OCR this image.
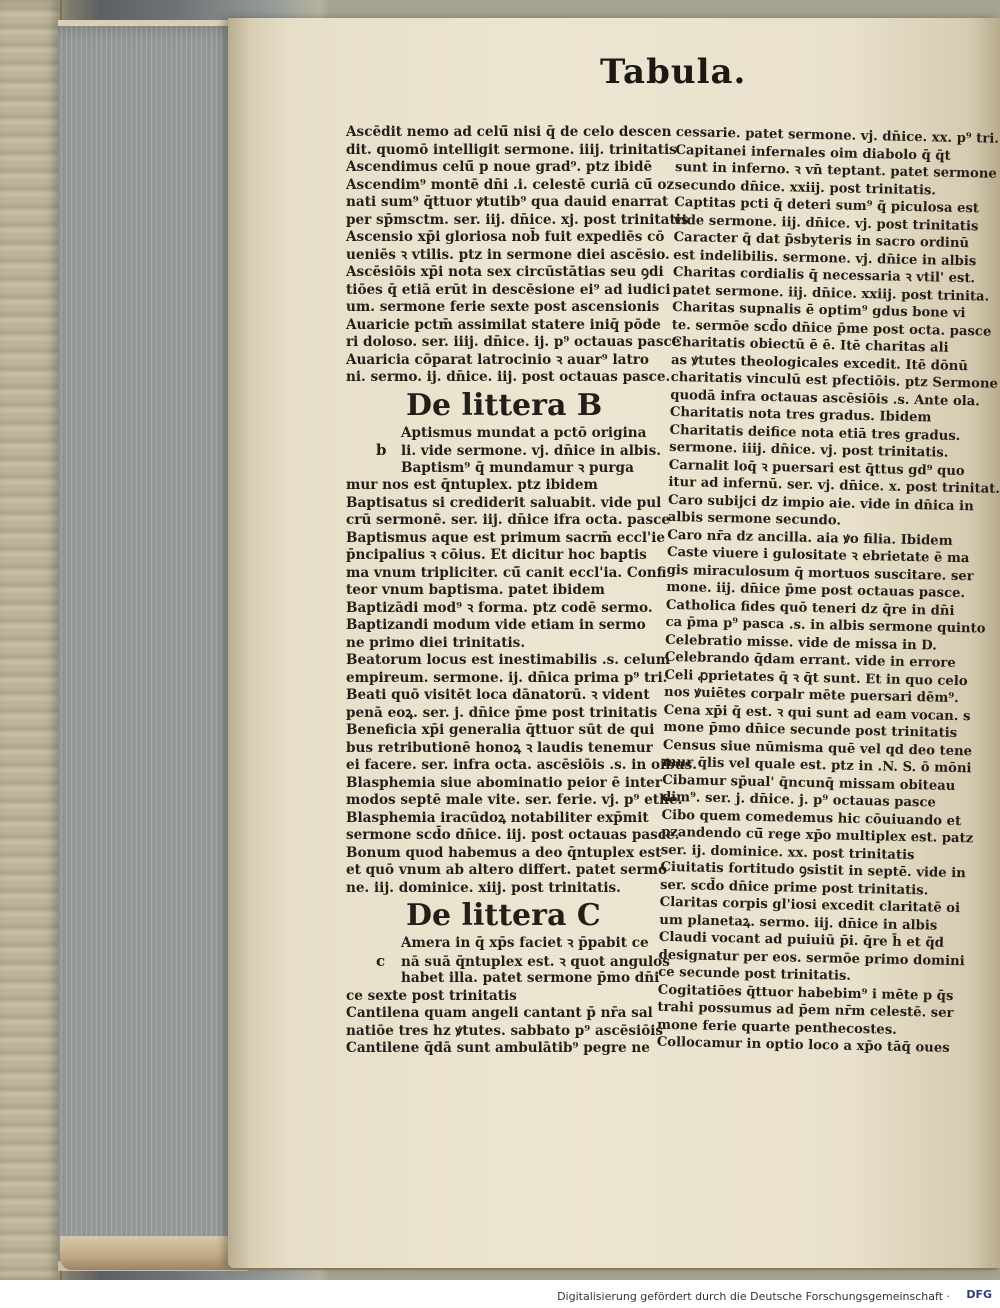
Tabula.
Ascēdit nemo ad celū̄ nisi q̄ de celo descen
dit. quomō intelligit sermone. iiij. trinitatis
Ascendimus celū̄ p noue grad⁹. ptz ibidē
Ascendim⁹ montē dn̄i .i. celestē curiā cū̄ oz
nati sum⁹ q̄ttuor ꝟtutib⁹ qua dauid enarrat
per sp̄msctm. ser. iij. dn̄ice. xj. post trinitatis
Ascensio xp̄i gloriosa nob̄ fuit expediēs cō
ueniēs ꝛ vtilis. ptz in sermone diei ascēsio.
Ascēsiōis xp̄i nota sex circūstātias seu ꝯdi
tiōes q̄ etiā erūt in descēsione ei⁹ ad iudici
um. sermone ferie sexte post ascensionis
Auaricie pctm̄ assimilat statere iniq̄ pōde
ri doloso. ser. iiij. dn̄ice. ij. p⁹ octauas pasce
Auaricia cōparat latrocinio ꝛ auar⁹ latro
ni. sermo. ij. dn̄ice. iij. post octauas pasce.
De littera B
Aptismus mundat a pctō origina
b li. vide sermone. vj. dn̄ice in albis.
Baptism⁹ q̄ mundamur ꝛ purga
mur nos est q̄ntuplex. ptz ibidem
Baptisatus si crediderit saluabit. vide pul
crū sermonē. ser. iij. dn̄ice ifra octa. pasce
Baptismus aque est primum sacrm̄ eccl'ie
p̄ncipalius ꝛ cōius. Et dicitur hoc baptis
ma vnum tripliciter. cū̄ canit eccl'ia. Confi
teor vnum baptisma. patet ibidem
Baptizādi mod⁹ ꝛ forma. ptz codē sermo.
Baptizandi modum vide etiam in sermo
ne primo diei trinitatis.
Beatorum locus est inestimabilis .s. celum
empireum. sermone. ij. dn̄ica prima p⁹ tri.
Beati quō visitēt loca dānatorū. ꝛ vident
penā eoꝝ. ser. j. dn̄ice p̄me post trinitatis
Beneficia xp̄i generalia q̄ttuor sūt de qui
bus retributionē honoꝝ ꝛ laudis tenemur
ei facere. ser. infra octa. ascēsiōis .s. in oibus.
Blasphemia siue abominatio peior ē inter
modos septē male vite. ser. ferie. vj. p⁹ ethe.
Blasphemia iracūdoꝝ notabiliter exp̄mit
sermone scd̄o dn̄ice. iij. post octauas pasce.
Bonum quod habemus a deo q̄ntuplex est
et quō vnum ab altero differt. patet sermo
ne. iij. dominice. xiij. post trinitatis.
De littera C
Amera in q̄ xp̄s faciet ꝛ p̄pabit ce
c nā suā q̄ntuplex est. ꝛ quot angulos
habet illa. patet sermone p̄mo dn̄i
ce sexte post trinitatis
Cantilena quam angeli cantant p̄ nr̄a sal
natiōe tres hz ꝟtutes. sabbato p⁹ ascēsiōis
Cantilene q̄dā sunt ambulātib⁹ pegre ne
cessarie. patet sermone. vj. dn̄ice. xx. p⁹ tri.
Capitanei infernales oim diabolo q̄ q̄t
sunt in inferno. ꝛ vn̄ teptant. patet sermone
secundo dn̄ice. xxiij. post trinitatis.
Captitas pcti q̄ deteri sum⁹ q̄ piculosa est
vide sermone. iij. dn̄ice. vj. post trinitatis
Caracter q̄ dat p̄sbyteris in sacro ordinū
est indelibilis. sermone. vj. dn̄ice in albis
Charitas cordialis q̄ necessaria ꝛ vtil' est.
patet sermone. iij. dn̄ice. xxiij. post trinita.
Charitas supnalis ē optim⁹ gdus bone vi
te. sermōe scd̄o dn̄ice p̄me post octa. pasce
Charitatis obiectū ē ē. Itē charitas ali
as ꝟtutes theologicales excedit. Itē dōnū
charitatis vinculū est pfectiōis. ptz Sermone
quodā infra octauas ascēsiōis .s. Ante ola.
Charitatis nota tres gradus. Ibidem
Charitatis deifice nota etiā tres gradus.
sermone. iiij. dn̄ice. vj. post trinitatis.
Carnalit loq̄ ꝛ puersari est q̄ttus gd⁹ quo
itur ad infernū. ser. vj. dn̄ice. x. post trinitat.
Caro subijci dz impio aie. vide in dn̄ica in
albis sermone secundo.
Caro nr̄a dz ancilla. aia ꝟo filia. Ibidem
Caste viuere i gulositate ꝛ ebrietate ē ma
gis miraculosum q̄ mortuos suscitare. ser
mone. iij. dn̄ice p̄me post octauas pasce.
Catholica fides quō teneri dz q̄re in dn̄i
ca p̄ma p⁹ pasca .s. in albis sermone quinto
Celebratio misse. vide de missa in D.
Celebrando q̄dam errant. vide in errore
Celi ꝓprietates q̄ ꝛ q̄t sunt. Et in quo celo
nos ꝟuiētes corpalr mēte puersari dēm⁹.
Cena xp̄i q̄ est. ꝛ qui sunt ad eam vocan. s
mone p̄mo dn̄ice secunde post trinitatis
Census siue nūmisma quē vel qd deo tene
mur q̄lis vel quale est. ptz in .N. S. ō mōni
Cibamur sp̄ual' q̄ncunq̄ missam obiteau
dim⁹. ser. j. dn̄ice. j. p⁹ octauas pasce
Cibo quem comedemus hic cōuiuando et
pzandendo cū̄ rege xp̄o multiplex est. patz
ser. ij. dominice. xx. post trinitatis
Ciuitatis fortitudo ꝯsistit in septē. vide in
ser. scd̄o dn̄ice prime post trinitatis.
Claritas corpis gl'iosi excedit claritatē oi
um planetaꝝ. sermo. iij. dn̄ice in albis
Claudi vocant ad puiuiū p̄i. q̄re h̄ et q̄d
designatur per eos. sermōe primo domini
ce secunde post trinitatis.
Cogitatiōes q̄ttuor habebim⁹ i mēte p q̄s
trahi possumus ad p̄em nr̄m celestē. ser
mone ferie quarte penthecostes.
Collocamur in optio loco a xp̄o tāq̄ oues
Digitalisierung gefördert durch die Deutsche Forschungsgemeinschaft · DFG
